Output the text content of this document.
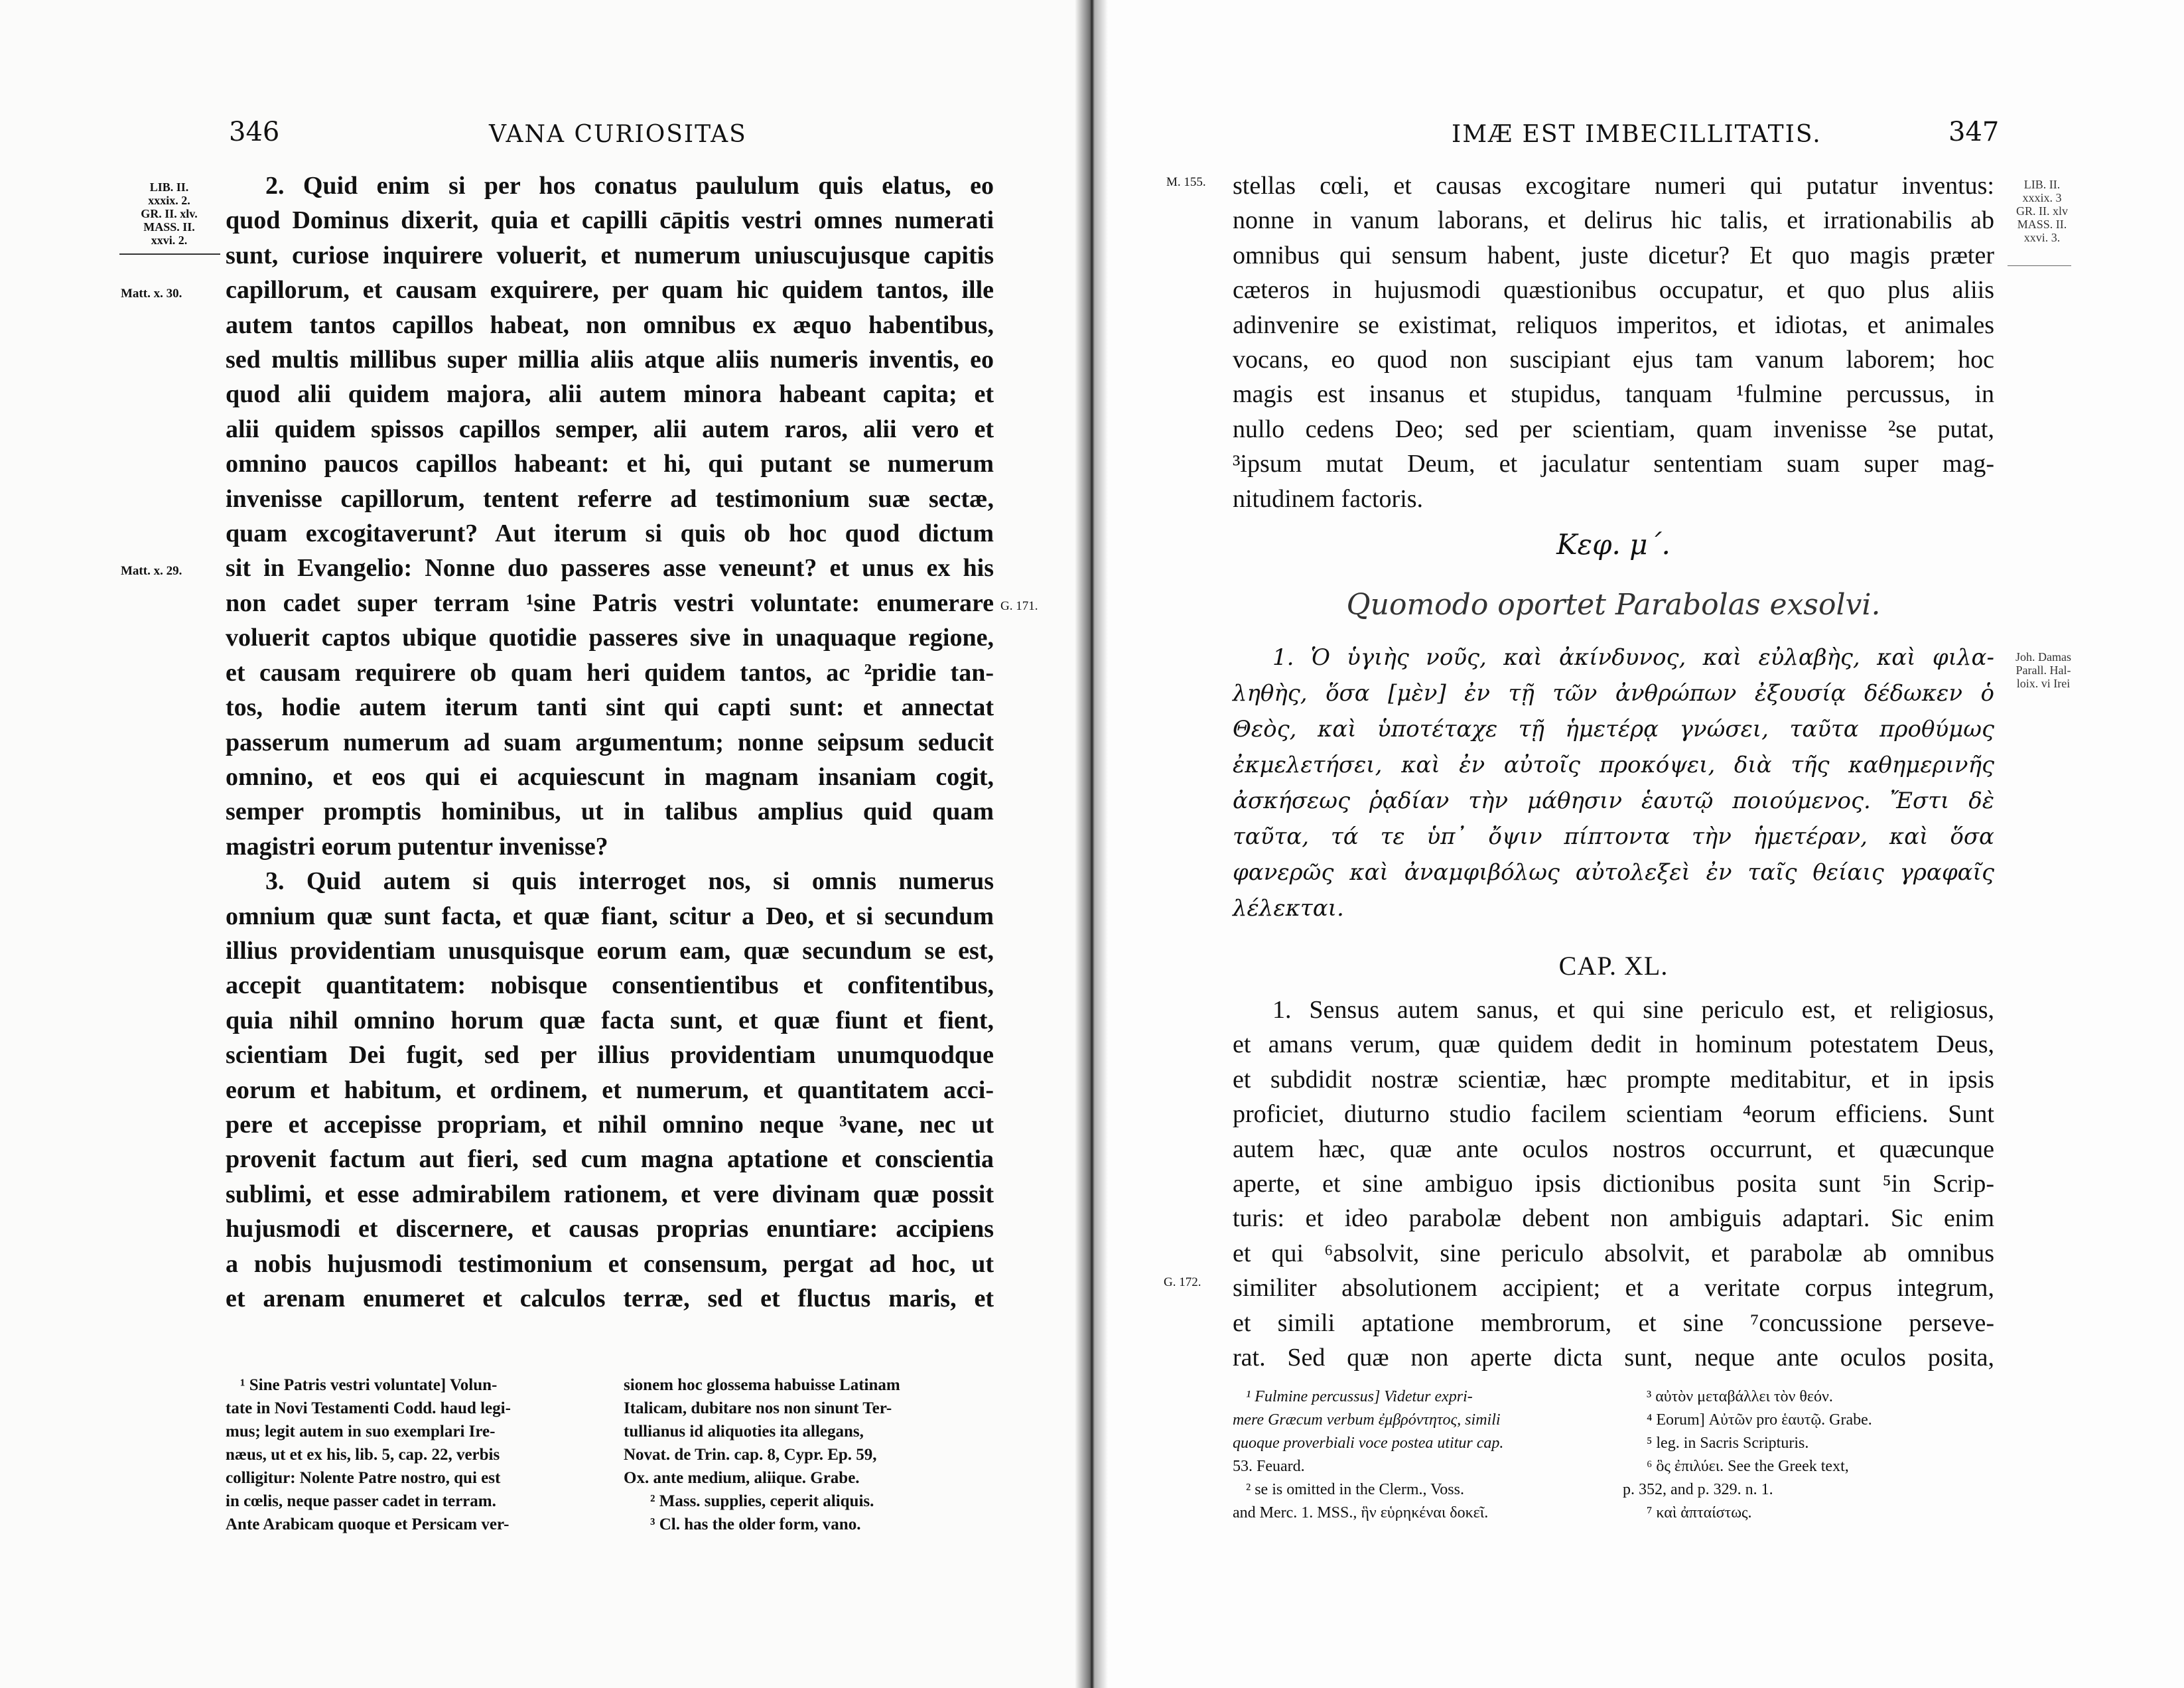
346	VANA CURIOSITAS
LIB. II.
xxxix. 2.
GR. II. xlv.
MASS. II.
xxvi. 2.
Matt. x. 30.
Matt. x. 29.
G. 171.
2. Quid enim si per hos conatus paululum quis elatus, eo
quod Dominus dixerit, quia et capilli cāpitis vestri omnes numerati
sunt, curiose inquirere voluerit, et numerum uniuscujusque capitis
capillorum, et causam exquirere, per quam hic quidem tantos, ille
autem tantos capillos habeat, non omnibus ex æquo habentibus,
sed multis millibus super millia aliis atque aliis numeris inventis, eo
quod alii quidem majora, alii autem minora habeant capita; et
alii quidem spissos capillos semper, alii autem raros, alii vero et
omnino paucos capillos habeant: et hi, qui putant se numerum
invenisse capillorum, tentent referre ad testimonium suæ sectæ,
quam excogitaverunt? Aut iterum si quis ob hoc quod dictum
sit in Evangelio: Nonne duo passeres asse veneunt? et unus ex his
non cadet super terram ¹sine Patris vestri voluntate: enumerare
voluerit captos ubique quotidie passeres sive in unaquaque regione,
et causam requirere ob quam heri quidem tantos, ac ²pridie tan-
tos, hodie autem iterum tanti sint qui capti sunt: et annectat
passerum numerum ad suam argumentum; nonne seipsum seducit
omnino, et eos qui ei acquiescunt in magnam insaniam cogit,
semper promptis hominibus, ut in talibus amplius quid quam
magistri eorum putentur invenisse?
3. Quid autem si quis interroget nos, si omnis numerus
omnium quæ sunt facta, et quæ fiant, scitur a Deo, et si secundum
illius providentiam unusquisque eorum eam, quæ secundum se est,
accepit quantitatem: nobisque consentientibus et confitentibus,
quia nihil omnino horum quæ facta sunt, et quæ fiunt et fient,
scientiam Dei fugit, sed per illius providentiam unumquodque
eorum et habitum, et ordinem, et numerum, et quantitatem acci-
pere et accepisse propriam, et nihil omnino neque ³vane, nec ut
provenit factum aut fieri, sed cum magna aptatione et conscientia
sublimi, et esse admirabilem rationem, et vere divinam quæ possit
hujusmodi et discernere, et causas proprias enuntiare: accipiens
a nobis hujusmodi testimonium et consensum, pergat ad hoc, ut
et arenam enumeret et calculos terræ, sed et fluctus maris, et
¹ Sine Patris vestri voluntate] Volun-
tate in Novi Testamenti Codd. haud legi-
mus; legit autem in suo exemplari Ire-
næus, ut et ex his, lib. 5, cap. 22, verbis
colligitur: Nolente Patre nostro, qui est
in cœlis, neque passer cadet in terram.
Ante Arabicam quoque et Persicam ver-
sionem hoc glossema habuisse Latinam
Italicam, dubitare nos non sinunt Ter-
tullianus id aliquoties ita allegans,
Novat. de Trin. cap. 8, Cypr. Ep. 59,
Ox. ante medium, aliique. Grabe.
² Mass. supplies, ceperit aliquis.
³ Cl. has the older form, vano.
IMÆ EST IMBECILLITATIS.	347
M. 155.
G. 172.
LIB. II.
xxxix. 3
GR. II. xlv
MASS. II.
xxvi. 3.
Joh. Damas
Parall. Hal-
loix. vi Irei
stellas cœli, et causas excogitare numeri qui putatur inventus:
nonne in vanum laborans, et delirus hic talis, et irrationabilis ab
omnibus qui sensum habent, juste dicetur? Et quo magis præter
cæteros in hujusmodi quæstionibus occupatur, et quo plus aliis
adinvenire se existimat, reliquos imperitos, et idiotas, et animales
vocans, eo quod non suscipiant ejus tam vanum laborem; hoc
magis est insanus et stupidus, tanquam ¹fulmine percussus, in
nullo cedens Deo; sed per scientiam, quam invenisse ²se putat,
³ipsum mutat Deum, et jaculatur sententiam suam super mag-
nitudinem factoris.
Κεφ. μ΄.
Quomodo oportet Parabolas exsolvi.
1. Ὁ ὑγιὴς νοῦς, καὶ ἀκίνδυνος, καὶ εὐλαβὴς, καὶ φιλα-
ληθὴς, ὅσα [μὲν] ἐν τῇ τῶν ἀνθρώπων ἐξουσίᾳ δέδωκεν ὁ
Θεὸς, καὶ ὑποτέταχε τῇ ἡμετέρᾳ γνώσει, ταῦτα προθύμως
ἐκμελετήσει, καὶ ἐν αὐτοῖς προκόψει, διὰ τῆς καθημερινῆς
ἀσκήσεως ῥᾳδίαν τὴν μάθησιν ἑαυτῷ ποιούμενος. Ἔστι δὲ
ταῦτα, τά τε ὑπ᾽ ὄψιν πίπτοντα τὴν ἡμετέραν, καὶ ὅσα
φανερῶς καὶ ἀναμφιβόλως αὐτολεξεὶ ἐν ταῖς θείαις γραφαῖς
λέλεκται.
CAP. XL.
1. Sensus autem sanus, et qui sine periculo est, et religiosus,
et amans verum, quæ quidem dedit in hominum potestatem Deus,
et subdidit nostræ scientiæ, hæc prompte meditabitur, et in ipsis
proficiet, diuturno studio facilem scientiam ⁴eorum efficiens. Sunt
autem hæc, quæ ante oculos nostros occurrunt, et quæcunque
aperte, et sine ambiguo ipsis dictionibus posita sunt ⁵in Scrip-
turis: et ideo parabolæ debent non ambiguis adaptari. Sic enim
et qui ⁶absolvit, sine periculo absolvit, et parabolæ ab omnibus
similiter absolutionem accipient; et a veritate corpus integrum,
et simili aptatione membrorum, et sine ⁷concussione perseve-
rat. Sed quæ non aperte dicta sunt, neque ante oculos posita,
¹ Fulmine percussus] Videtur expri-
mere Græcum verbum ἐμβρόντητος, simili
quoque proverbiali voce postea utitur cap.
53. Feuard.
² se is omitted in the Clerm., Voss.
and Merc. 1. MSS., ἣν εὑρηκέναι δοκεῖ.
³ αὐτὸν μεταβάλλει τὸν θεόν.
⁴ Eorum] Αὐτῶν pro ἑαυτῷ. Grabe.
⁵ leg. in Sacris Scripturis.
⁶ ὃς ἐπιλύει. See the Greek text,
p. 352, and p. 329. n. 1.
⁷ καὶ ἀπταίστως.
